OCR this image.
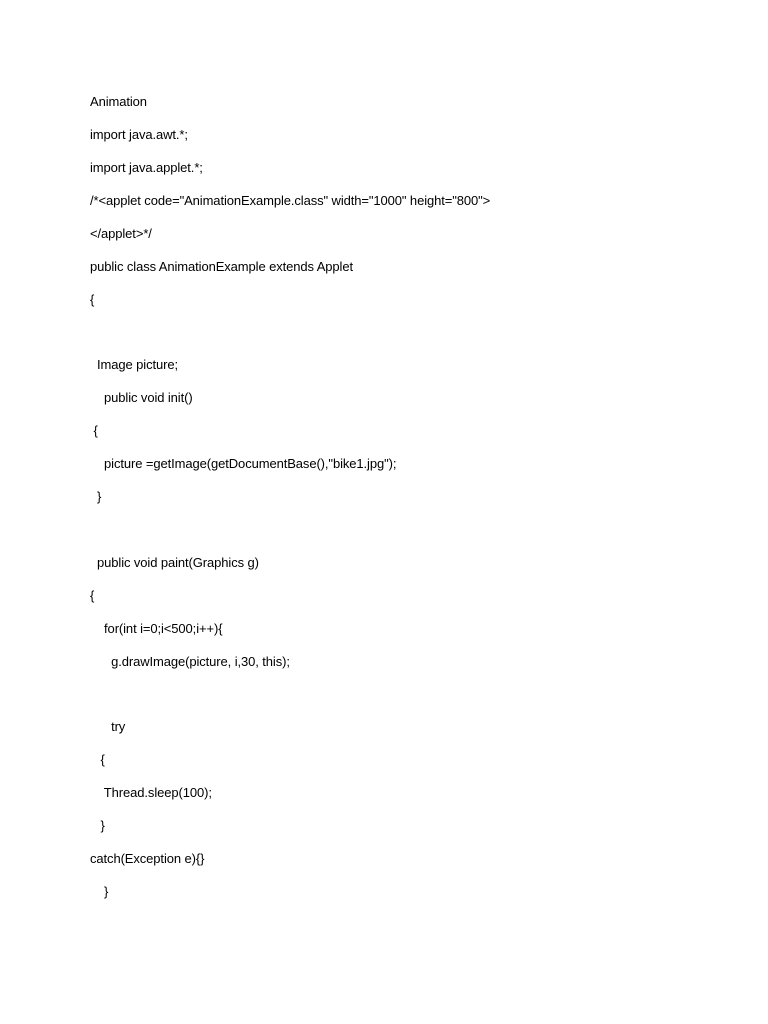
Animation
import java.awt.*;
import java.applet.*;
/*<applet code="AnimationExample.class" width="1000" height="800">
</applet>*/
public class AnimationExample extends Applet
{
Image picture;
public void init()
{
picture =getImage(getDocumentBase(),"bike1.jpg");
}
public void paint(Graphics g)
{
for(int i=0;i<500;i++){
g.drawImage(picture, i,30, this);
try
{
Thread.sleep(100);
}
catch(Exception e){}
}
